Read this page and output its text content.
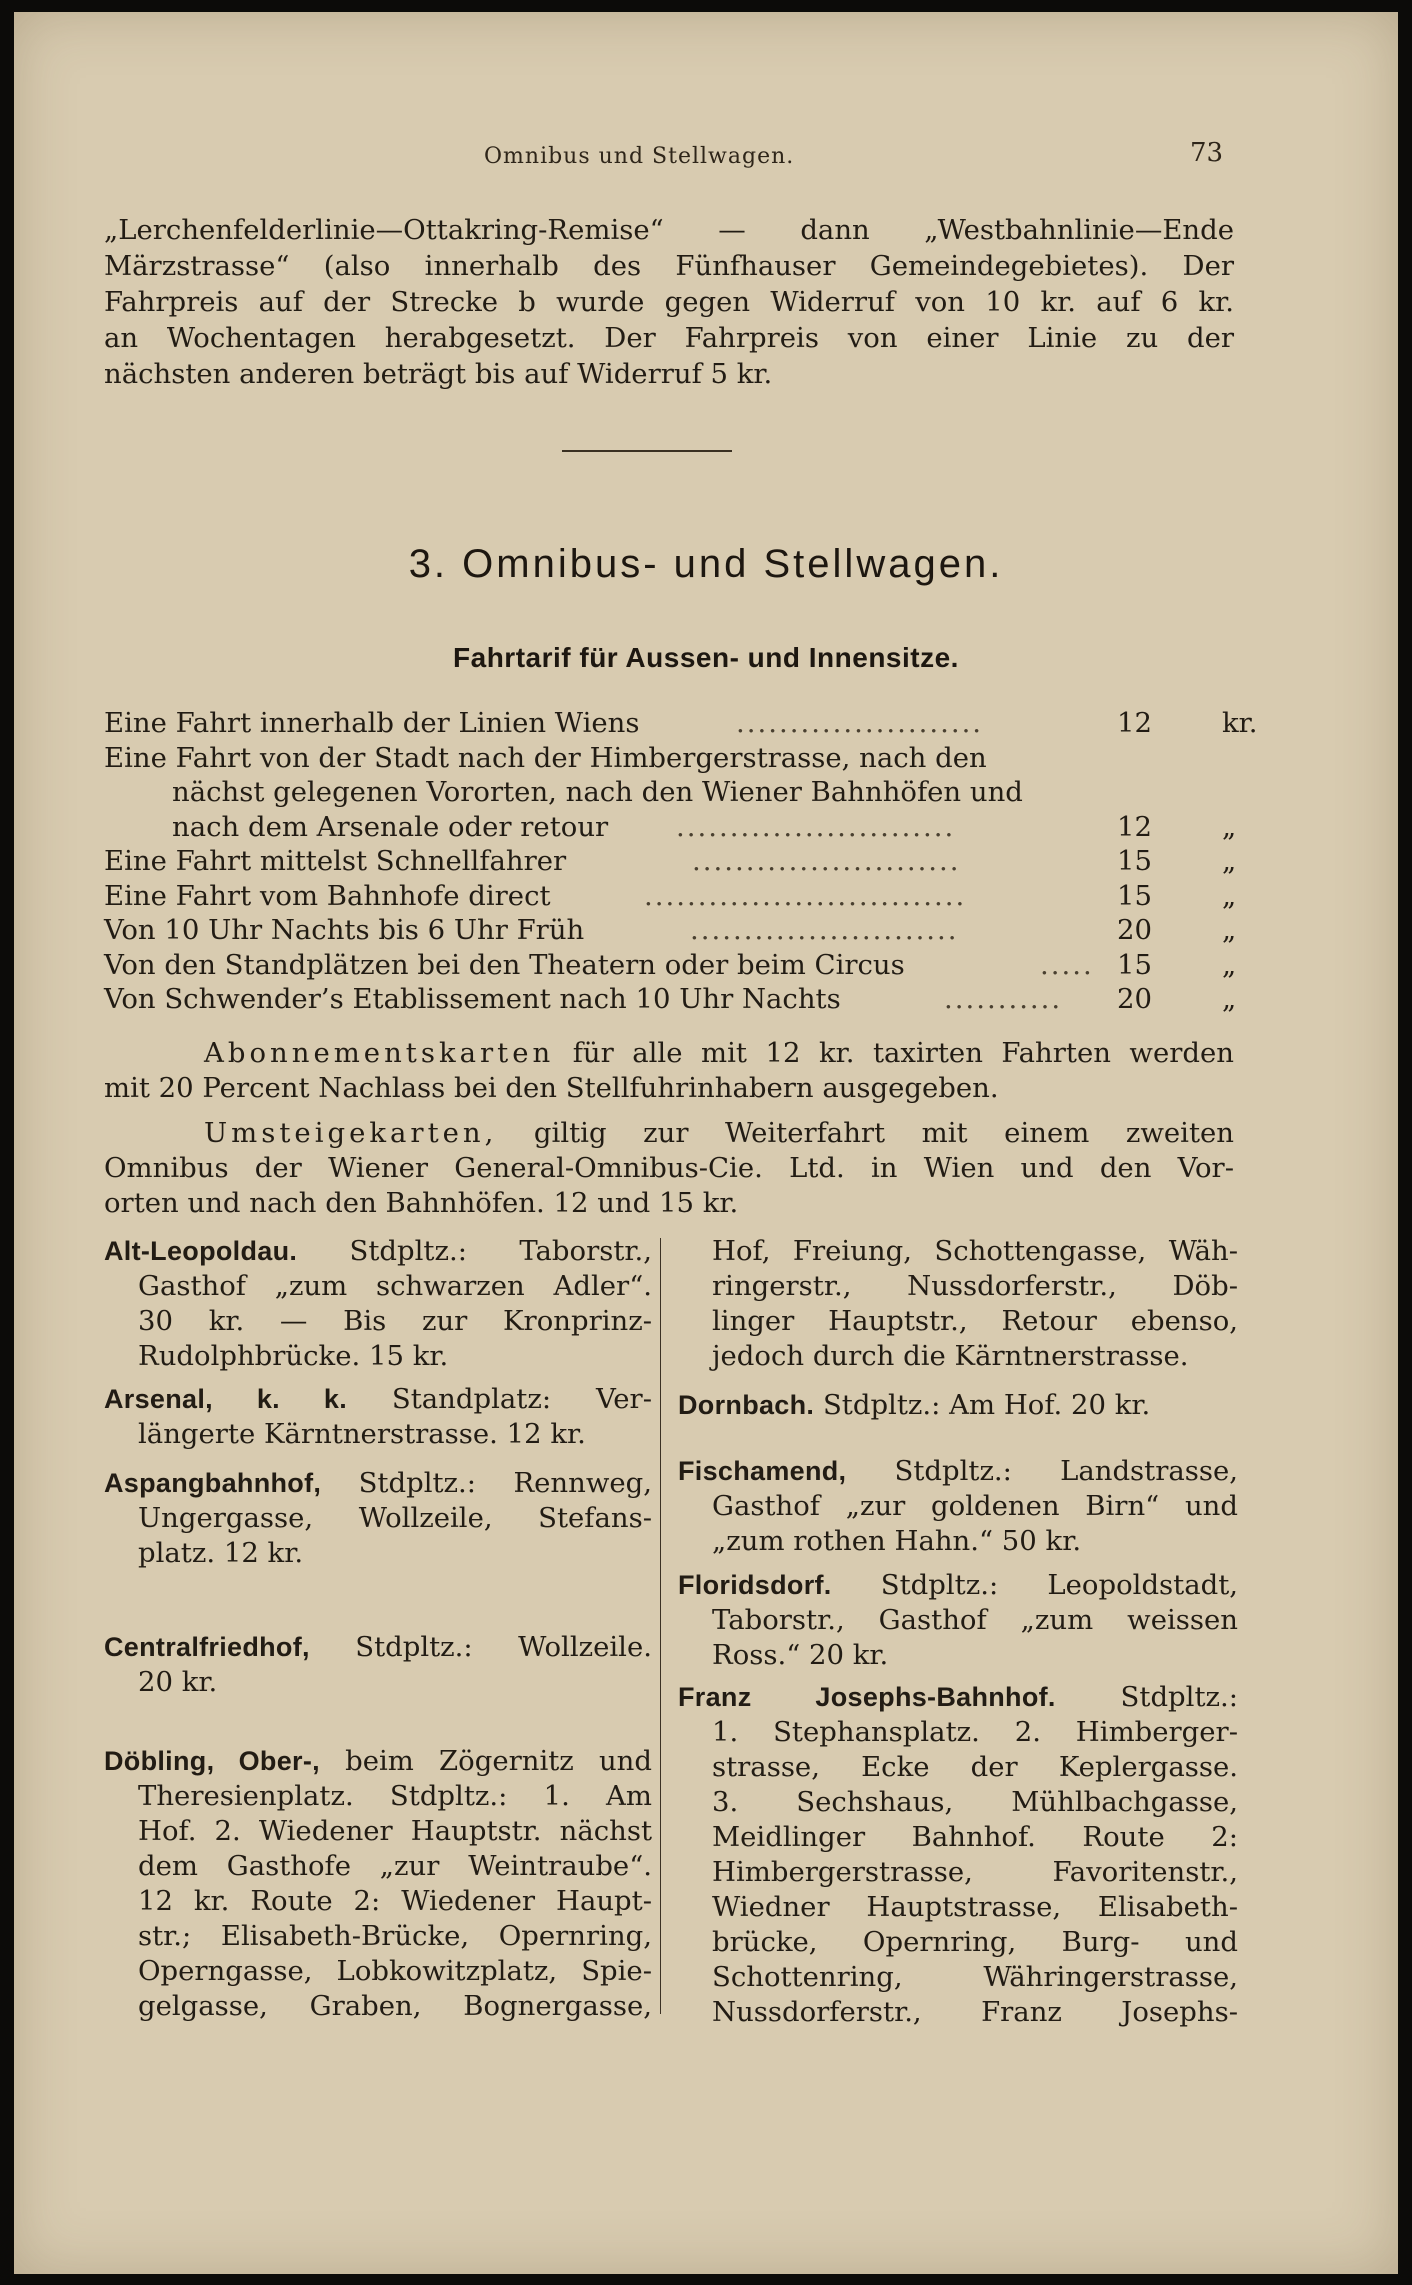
Omnibus und Stellwagen.	73
„Lerchenfelderlinie—Ottakring-Remise“ — dann „Westbahnlinie—Ende
Märzstrasse“ (also innerhalb des Fünfhauser Gemeindegebietes). Der
Fahrpreis auf der Strecke b wurde gegen Widerruf von 10 kr. auf 6 kr.
an Wochentagen herabgesetzt. Der Fahrpreis von einer Linie zu der
nächsten anderen beträgt bis auf Widerruf 5 kr.
3. Omnibus- und Stellwagen.
Fahrtarif für Aussen- und Innensitze.
Eine Fahrt innerhalb der Linien Wiens	.......................	12	kr.
Eine Fahrt von der Stadt nach der Himbergerstrasse, nach den
nächst gelegenen Vororten, nach den Wiener Bahnhöfen und
nach dem Arsenale oder retour ..........................	12	„
Eine Fahrt mittelst Schnellfahrer	.........................	15	„
Eine Fahrt vom Bahnhofe direct	..............................	15	„
Von 10 Uhr Nachts bis 6 Uhr Früh	.........................	20	„
Von den Standplätzen bei den Theatern oder beim Circus	..... 15	„
Von Schwender’s Etablissement nach 10 Uhr Nachts	...........	20	„
Abonnementskarten für alle mit 12 kr. taxirten Fahrten werden
mit 20 Percent Nachlass bei den Stellfuhrinhabern ausgegeben.
Umsteigekarten, giltig zur Weiterfahrt mit einem zweiten
Omnibus der Wiener General-Omnibus-Cie. Ltd. in Wien und den Vor-
orten und nach den Bahnhöfen. 12 und 15 kr.
Alt-Leopoldau. Stdpltz.: Taborstr.,
Gasthof „zum schwarzen Adler“.
30 kr. — Bis zur Kronprinz-
Rudolphbrücke. 15 kr.
Arsenal, k. k. Standplatz: Ver-
längerte Kärntnerstrasse. 12 kr.
Aspangbahnhof, Stdpltz.: Rennweg,
Ungergasse, Wollzeile, Stefans-
platz. 12 kr.
Centralfriedhof, Stdpltz.: Wollzeile.
20 kr.
Döbling, Ober-, beim Zögernitz und
Theresienplatz. Stdpltz.: 1. Am
Hof. 2. Wiedener Hauptstr. nächst
dem Gasthofe „zur Weintraube“.
12 kr. Route 2: Wiedener Haupt-
str.; Elisabeth-Brücke, Opernring,
Operngasse, Lobkowitzplatz, Spie-
gelgasse, Graben, Bognergasse,
Hof, Freiung, Schottengasse, Wäh-
ringerstr., Nussdorferstr., Döb-
linger Hauptstr., Retour ebenso,
jedoch durch die Kärntnerstrasse.
Dornbach. Stdpltz.: Am Hof. 20 kr.
Fischamend, Stdpltz.: Landstrasse,
Gasthof „zur goldenen Birn“ und
„zum rothen Hahn.“ 50 kr.
Floridsdorf. Stdpltz.: Leopoldstadt,
Taborstr., Gasthof „zum weissen
Ross.“ 20 kr.
Franz Josephs-Bahnhof. Stdpltz.:
1. Stephansplatz. 2. Himberger-
strasse, Ecke der Keplergasse.
3. Sechshaus, Mühlbachgasse,
Meidlinger Bahnhof. Route 2:
Himbergerstrasse, Favoritenstr.,
Wiedner Hauptstrasse, Elisabeth-
brücke, Opernring, Burg- und
Schottenring, Währingerstrasse,
Nussdorferstr., Franz Josephs-
